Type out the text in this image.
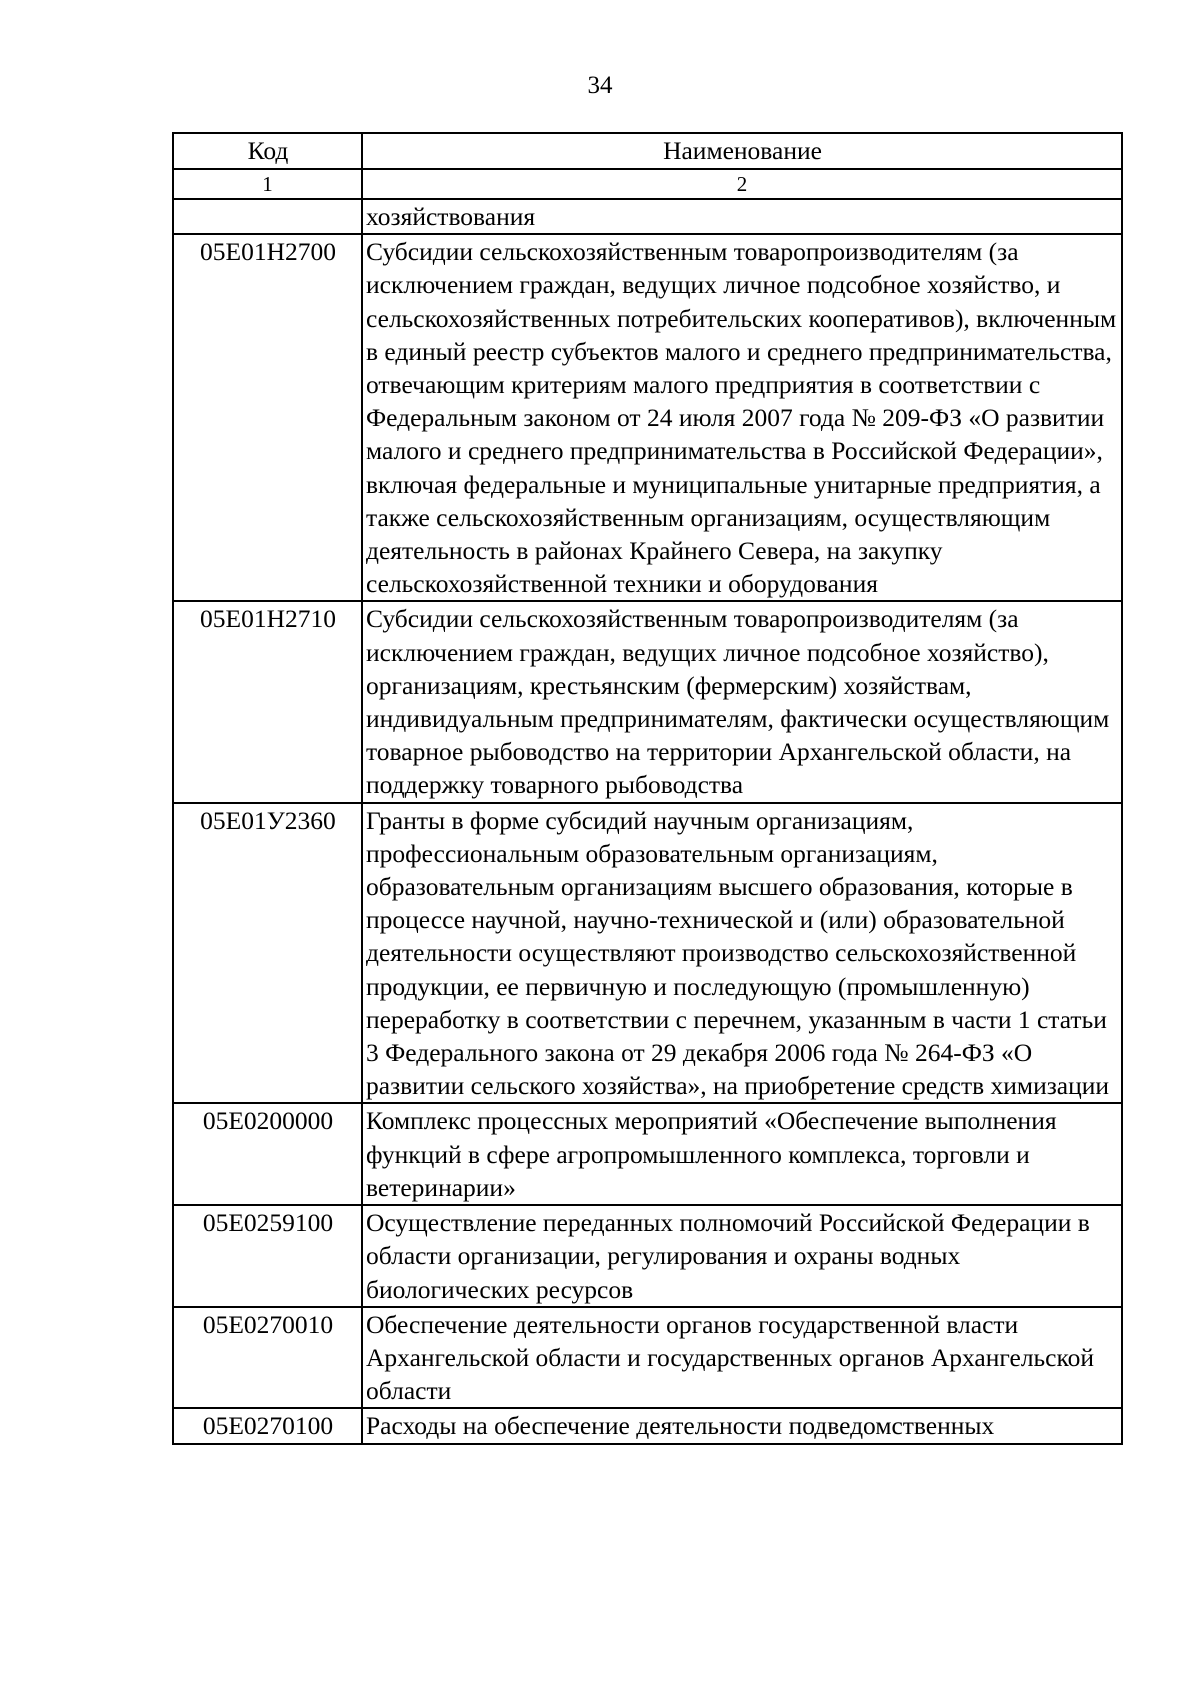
34
Код	Наименование
1	2
	хозяйствования
05Е01Н2700	Субсидии сельскохозяйственным товаропроизводителям (за исключением граждан, ведущих личное подсобное хозяйство, и сельскохозяйственных потребительских кооперативов), включенным в единый реестр субъектов малого и среднего предпринимательства, отвечающим критериям малого предприятия в соответствии с Федеральным законом от 24 июля 2007 года № 209-ФЗ «О развитии малого и среднего предпринимательства в Российской Федерации», включая федеральные и муниципальные унитарные предприятия, а также сельскохозяйственным организациям, осуществляющим деятельность в районах Крайнего Севера, на закупку сельскохозяйственной техники и оборудования
05Е01Н2710	Субсидии сельскохозяйственным товаропроизводителям (за исключением граждан, ведущих личное подсобное хозяйство), организациям, крестьянским (фермерским) хозяйствам, индивидуальным предпринимателям, фактически осуществляющим товарное рыбоводство на территории Архангельской области, на поддержку товарного рыбоводства
05Е01У2360	Гранты в форме субсидий научным организациям, профессиональным образовательным организациям, образовательным организациям высшего образования, которые в процессе научной, научно-технической и (или) образовательной деятельности осуществляют производство сельскохозяйственной продукции, ее первичную и последующую (промышленную) переработку в соответствии с перечнем, указанным в части 1 статьи 3 Федерального закона от 29 декабря 2006 года № 264-ФЗ «О развитии сельского хозяйства», на приобретение средств химизации
05Е0200000	Комплекс процессных мероприятий «Обеспечение выполнения функций в сфере агропромышленного комплекса, торговли и ветеринарии»
05Е0259100	Осуществление переданных полномочий Российской Федерации в области организации, регулирования и охраны водных биологических ресурсов
05Е0270010	Обеспечение деятельности органов государственной власти Архангельской области и государственных органов Архангельской области
05Е0270100	Расходы на обеспечение деятельности подведомственных
